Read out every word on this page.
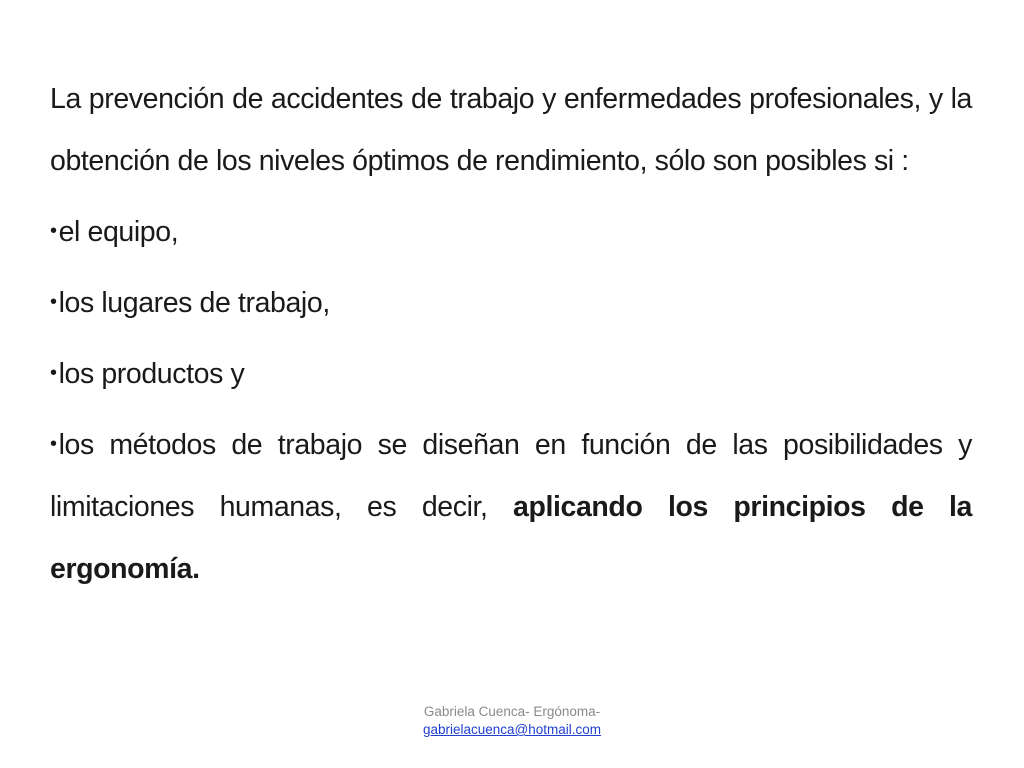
La prevención de accidentes de trabajo y enfermedades profesionales, y la obtención de los niveles óptimos de rendimiento, sólo son posibles si :

•el equipo,

•los lugares de trabajo,

•los productos y

•los métodos de trabajo se diseñan en función de las posibilidades y limitaciones humanas, es decir, aplicando los principios de la ergonomía.

Gabriela Cuenca- Ergónoma-
gabrielacuenca@hotmail.com
